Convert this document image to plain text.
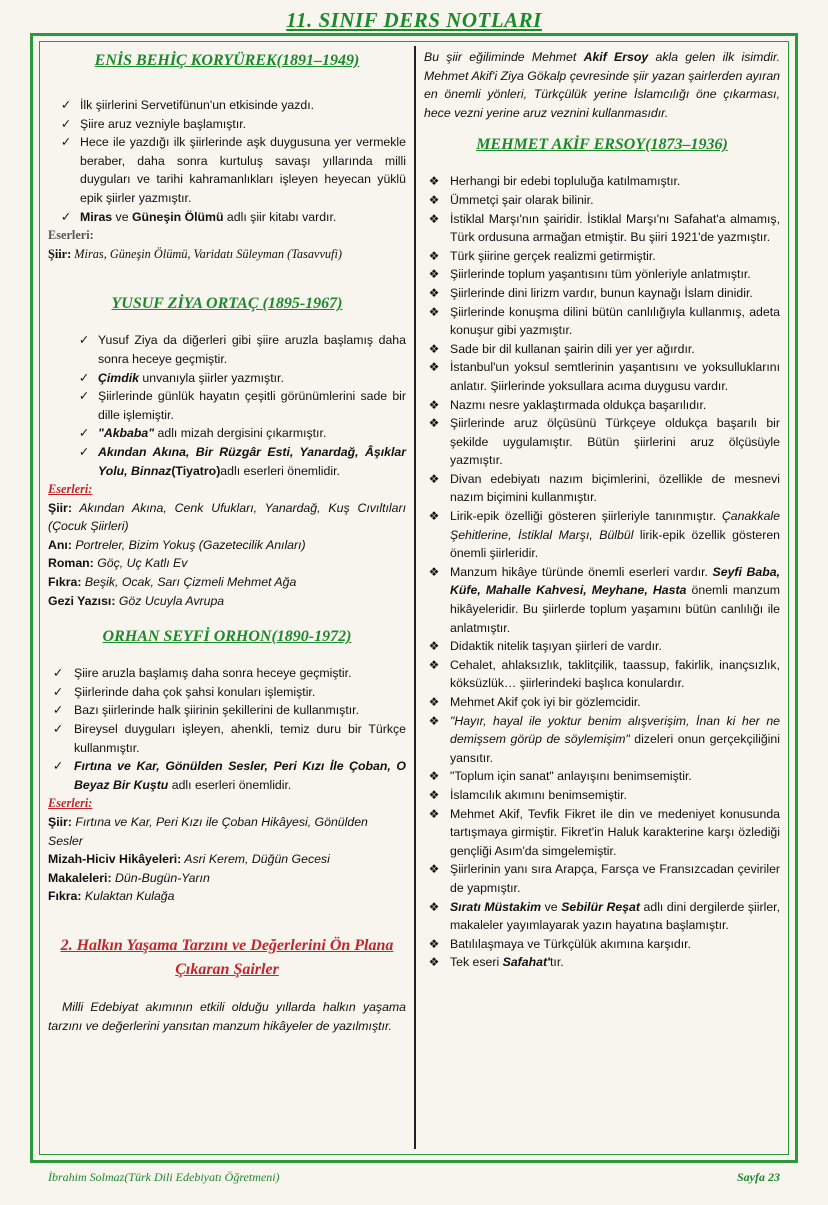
11. SINIF DERS NOTLARI
ENİS BEHİÇ KORYÜREK(1891–1949)
✓ İlk şiirlerini Servetifünun'un etkisinde yazdı.
✓ Şiire aruz vezniyle başlamıştır.
✓ Hece ile yazdığı ilk şiirlerinde aşk duygusuna yer vermekle beraber, daha sonra kurtuluş savaşı yıllarında milli duyguları ve tarihi kahramanlıkları işleyen heyecan yüklü epik şiirler yazmıştır.
✓ Miras ve Güneşin Ölümü adlı şiir kitabı vardır.

Eserleri:

Şiir: Miras, Güneşin Ölümü, Varidatı Süleyman (Tasavvufi)

YUSUF ZİYA ORTAÇ (1895-1967)
✓ Yusuf Ziya da diğerleri gibi şiire aruzla başlamış daha sonra heceye geçmiştir.
✓ Çimdik unvanıyla şiirler yazmıştır.
✓ Şiirlerinde günlük hayatın çeşitli görünümlerini sade bir dille işlemiştir.
✓ "Akbaba" adlı mizah dergisini çıkarmıştır.
✓ Akından Akına, Bir Rüzgâr Esti, Yanardağ, Âşıklar Yolu, Binnaz(Tiyatro)adlı eserleri önemlidir.

Eserleri:

Şiir: Akından Akına, Cenk Ufukları, Yanardağ, Kuş Cıvıltıları (Çocuk Şiirleri)

Anı: Portreler, Bizim Yokuş (Gazetecilik Anıları)

Roman: Göç, Uç Katlı Ev

Fıkra: Beşik, Ocak, Sarı Çizmeli Mehmet Ağa

Gezi Yazısı: Göz Ucuyla Avrupa

ORHAN SEYFİ ORHON(1890-1972)
✓ Şiire aruzla başlamış daha sonra heceye geçmiştir.
✓ Şiirlerinde daha çok şahsi konuları işlemiştir.
✓ Bazı şiirlerinde halk şiirinin şekillerini de kullanmıştır.
✓ Bireysel duyguları işleyen, ahenkli, temiz duru bir Türkçe kullanmıştır.
✓ Fırtına ve Kar, Gönülden Sesler, Peri Kızı İle Çoban, O Beyaz Bir Kuştu adlı eserleri önemlidir.

Eserleri:

Şiir: Fırtına ve Kar, Peri Kızı ile Çoban Hikâyesi, Gönülden Sesler

Mizah-Hiciv Hikâyeleri: Asri Kerem, Düğün Gecesi

Makaleleri: Dün-Bugün-Yarın

Fıkra: Kulaktan Kulağa

2. Halkın Yaşama Tarzını ve Değerlerini Ön Plana Çıkaran Şairler

Milli Edebiyat akımının etkili olduğu yıllarda halkın yaşama tarzını ve değerlerini yansıtan manzum hikâyeler de yazılmıştır.

Bu şiir eğiliminde Mehmet Akif Ersoy akla gelen ilk isimdir. Mehmet Akif'i Ziya Gökalp çevresinde şiir yazan şairlerden ayıran en önemli yönleri, Türkçülük yerine İslamcılığı öne çıkarması, hece vezni yerine aruz veznini kullanmasıdır.

MEHMET AKİF ERSOY(1873–1936)
❖ Herhangi bir edebi topluluğa katılmamıştır.
❖ Ümmetçi şair olarak bilinir.
❖ İstiklal Marşı'nın şairidir. İstiklal Marşı'nı Safahat'a almamış, Türk ordusuna armağan etmiştir. Bu şiiri 1921'de yazmıştır.
❖ Türk şiirine gerçek realizmi getirmiştir.
❖ Şiirlerinde toplum yaşantısını tüm yönleriyle anlatmıştır.
❖ Şiirlerinde dini lirizm vardır, bunun kaynağı İslam dinidir.
❖ Şiirlerinde konuşma dilini bütün canlılığıyla kullanmış, adeta konuşur gibi yazmıştır.
❖ Sade bir dil kullanan şairin dili yer yer ağırdır.
❖ İstanbul'un yoksul semtlerinin yaşantısını ve yoksulluklarını anlatır. Şiirlerinde yoksullara acıma duygusu vardır.
❖ Nazmı nesre yaklaştırmada oldukça başarılıdır.
❖ Şiirlerinde aruz ölçüsünü Türkçeye oldukça başarılı bir şekilde uygulamıştır. Bütün şiirlerini aruz ölçüsüyle yazmıştır.
❖ Divan edebiyatı nazım biçimlerini, özellikle de mesnevi nazım biçimini kullanmıştır.
❖ Lirik-epik özelliği gösteren şiirleriyle tanınmıştır. Çanakkale Şehitlerine, İstiklal Marşı, Bülbül lirik-epik özellik gösteren önemli şiirleridir.
❖ Manzum hikâye türünde önemli eserleri vardır. Seyfi Baba, Küfe, Mahalle Kahvesi, Meyhane, Hasta önemli manzum hikâyeleridir. Bu şiirlerde toplum yaşamını bütün canlılığı ile anlatmıştır.
❖ Didaktik nitelik taşıyan şiirleri de vardır.
❖ Cehalet, ahlaksızlık, taklitçilik, taassup, fakirlik, inançsızlık, köksüzlük… şiirlerindeki başlıca konulardır.
❖ Mehmet Akif çok iyi bir gözlemcidir.
❖ "Hayır, hayal ile yoktur benim alışverişim, İnan ki her ne demişsem görüp de söylemişim" dizeleri onun gerçekçiliğini yansıtır.
❖ "Toplum için sanat" anlayışını benimsemiştir.
❖ İslamcılık akımını benimsemiştir.
❖ Mehmet Akif, Tevfik Fikret ile din ve medeniyet konusunda tartışmaya girmiştir. Fikret'in Haluk karakterine karşı özlediği gençliği Asım'da simgelemiştir.
❖ Şiirlerinin yanı sıra Arapça, Farsça ve Fransızcadan çeviriler de yapmıştır.
❖ Sıratı Müstakim ve Sebilür Reşat adlı dini dergilerde şiirler, makaleler yayımlayarak yazın hayatına başlamıştır.
❖ Batılılaşmaya ve Türkçülük akımına karşıdır.
❖ Tek eseri Safahat'tır.
İbrahim Solmaz(Türk Dili Edebiyatı Öğretmeni)	Sayfa 23
